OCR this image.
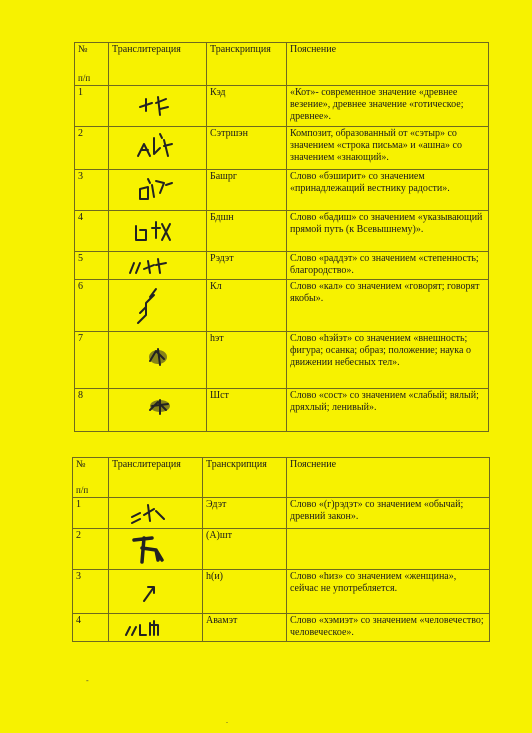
№
п/п	Транслитерация	Транскрипция	Пояснение
1		Кэд	«Кот»- современное значение «древнее везение», древнее значение «готическое; древнее».
2		Сэтршэн	Композит, образованный от «сэтыр» со значением «строка письма» и «ашна» со значением «знающий».
3		Башрг	Слово «бэширит» со значением «принадлежащий вестнику радости».
4		Бдшн	Слово «бадиш» со значением «указывающий прямой путь (к Всевышнему)».
5		Рэдэт	Слово «раддэт» со значением «степенность; благородство».
6		Кл	Слово «кал» со значением «говорят; говорят якобы».
7		hэт	Слово «hэйэт» со значением «внешность; фигура; осанка; образ; положение; наука о движении небесных тел».
8		Шст	Слово «сост» со значением «слабый; вялый; дряхлый; ленивый».
№
п/п	Транслитерация	Транскрипция	Пояснение
1		Эдэт	Слово «(г)рэдэт» со значением «обычай; древний закон».
2		(А)шт	
3		h(и)	Слово «hиз» со значением «женщина», сейчас не употребляется.
4		Авамэт	Слово «хэмиэт» со значением «человечество; человеческое».
-
.
